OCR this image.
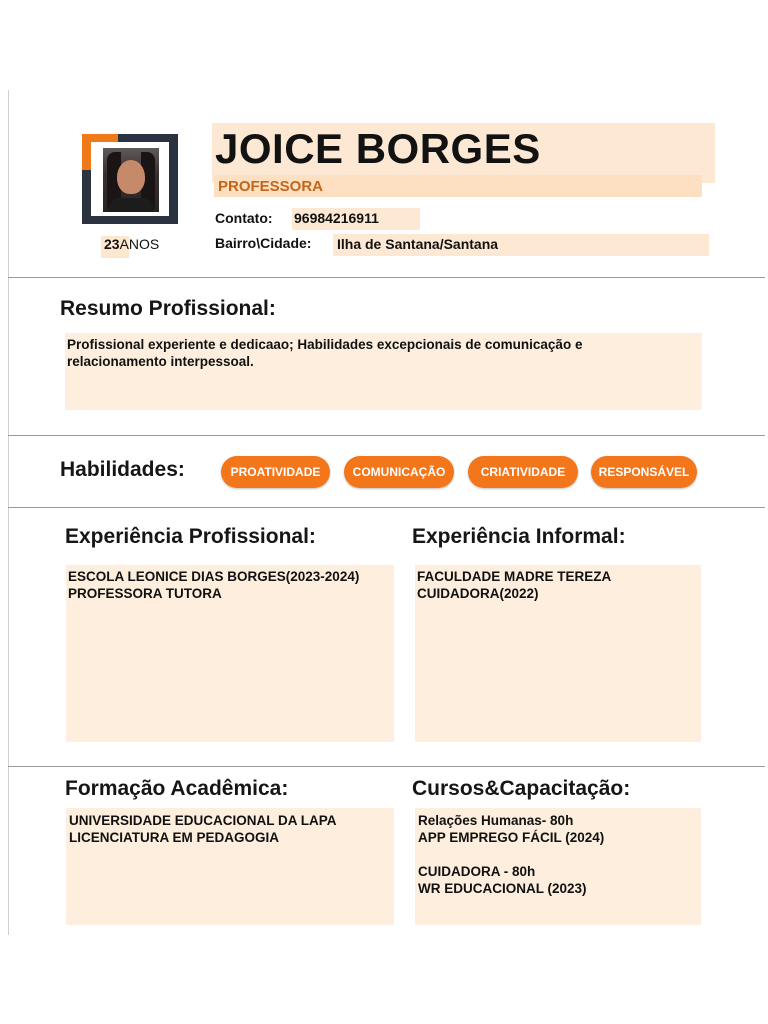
23ANOS
JOICE BORGES
PROFESSORA
Contato: 96984216911
Bairro\Cidade: Ilha de Santana/Santana
Resumo Profissional:
Profissional experiente e dedicaao; Habilidades excepcionais de comunicação e
relacionamento interpessoal.
Habilidades:	PROATIVIDADE	COMUNICAÇÃO	CRIATIVIDADE	RESPONSÁVEL
Experiência Profissional:
ESCOLA LEONICE DIAS BORGES(2023-2024)
PROFESSORA TUTORA
Experiência Informal:
FACULDADE MADRE TEREZA
CUIDADORA(2022)
Formação Acadêmica:
UNIVERSIDADE EDUCACIONAL DA LAPA
LICENCIATURA EM PEDAGOGIA
Cursos&Capacitação:
Relações Humanas- 80h
APP EMPREGO FÁCIL (2024)

CUIDADORA - 80h
WR EDUCACIONAL (2023)
